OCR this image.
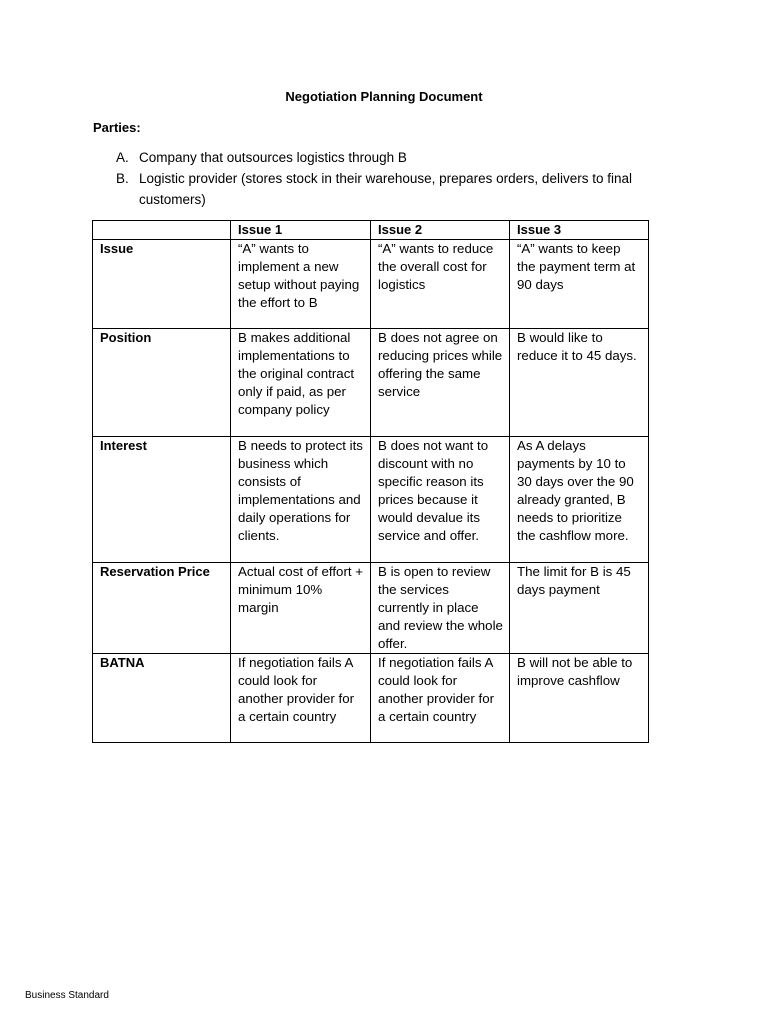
Negotiation Planning Document
Parties:
A. Company that outsources logistics through B
B. Logistic provider (stores stock in their warehouse, prepares orders, delivers to final customers)
	Issue 1	Issue 2	Issue 3
Issue	“A” wants to implement a new setup without paying the effort to B	“A” wants to reduce the overall cost for logistics	“A” wants to keep the payment term at 90 days
Position	B makes additional implementations to the original contract only if paid, as per company policy	B does not agree on reducing prices while offering the same service	B would like to reduce it to 45 days.
Interest	B needs to protect its business which consists of implementations and daily operations for clients.	B does not want to discount with no specific reason its prices because it would devalue its service and offer.	As A delays payments by 10 to 30 days over the 90 already granted, B needs to prioritize the cashflow more.
Reservation Price	Actual cost of effort + minimum 10% margin	B is open to review the services currently in place and review the whole offer.	The limit for B is 45 days payment
BATNA	If negotiation fails A could look for another provider for a certain country	If negotiation fails A could look for another provider for a certain country	B will not be able to improve cashflow
Business Standard
